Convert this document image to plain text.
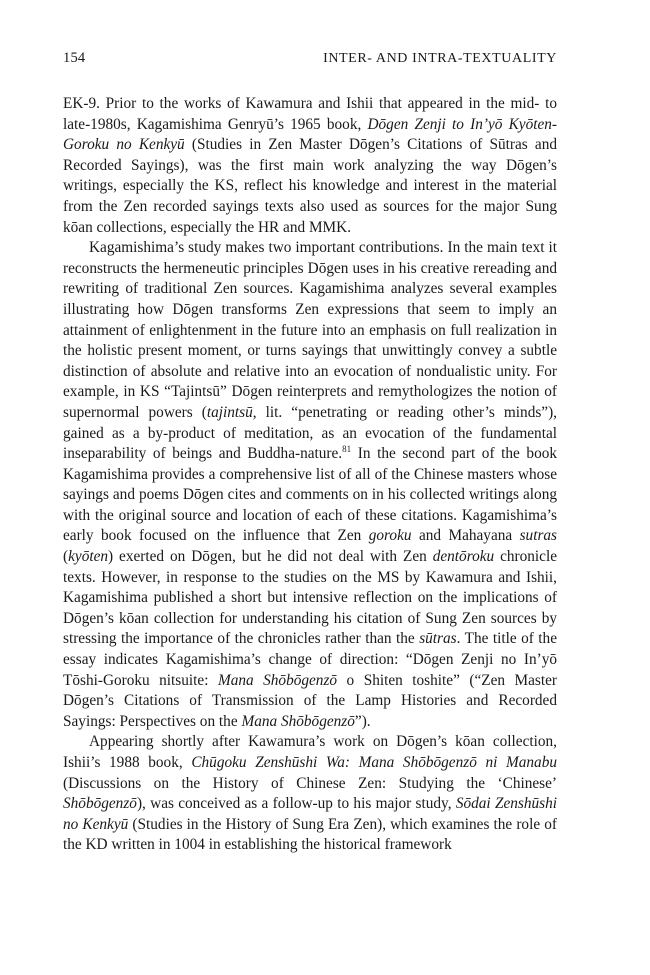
154	INTER- AND INTRA-TEXTUALITY

EK-9. Prior to the works of Kawamura and Ishii that appeared in the mid- to late-1980s, Kagamishima Genryū’s 1965 book, Dōgen Zenji to In’yō Kyōten-Goroku no Kenkyū (Studies in Zen Master Dōgen’s Citations of Sūtras and Recorded Sayings), was the first main work analyzing the way Dōgen’s writings, especially the KS, reflect his knowledge and interest in the material from the Zen recorded sayings texts also used as sources for the major Sung kōan collections, especially the HR and MMK.

Kagamishima’s study makes two important contributions. In the main text it reconstructs the hermeneutic principles Dōgen uses in his creative rereading and rewriting of traditional Zen sources. Kagamishima analyzes several examples illustrating how Dōgen transforms Zen expressions that seem to imply an attainment of enlightenment in the future into an emphasis on full realization in the holistic present moment, or turns sayings that unwittingly convey a subtle distinction of absolute and relative into an evocation of nondualistic unity. For example, in KS “Tajintsū” Dōgen reinterprets and remythologizes the notion of supernormal powers (tajintsū, lit. “penetrating or reading other’s minds”), gained as a by-product of meditation, as an evocation of the fundamental inseparability of beings and Buddha-nature.$^{81}$ In the second part of the book Kagamishima provides a comprehensive list of all of the Chinese masters whose sayings and poems Dōgen cites and comments on in his collected writings along with the original source and location of each of these citations. Kagamishima’s early book focused on the influence that Zen goroku and Mahayana sutras (kyōten) exerted on Dōgen, but he did not deal with Zen dentōroku chronicle texts. However, in response to the studies on the MS by Kawamura and Ishii, Kagamishima published a short but intensive reflection on the implications of Dōgen’s kōan collection for understanding his citation of Sung Zen sources by stressing the importance of the chronicles rather than the sūtras. The title of the essay indicates Kagamishima’s change of direction: “Dōgen Zenji no In’yō Tōshi-Goroku nitsuite: Mana Shōbōgenzō o Shiten toshite” (“Zen Master Dōgen’s Citations of Transmission of the Lamp Histories and Recorded Sayings: Perspectives on the Mana Shōbōgenzō”).

Appearing shortly after Kawamura’s work on Dōgen’s kōan collection, Ishii’s 1988 book, Chūgoku Zenshūshi Wa: Mana Shōbōgenzō ni Manabu (Discussions on the History of Chinese Zen: Studying the ‘Chinese’ Shōbōgenzō), was conceived as a follow-up to his major study, Sōdai Zenshūshi no Kenkyū (Studies in the History of Sung Era Zen), which examines the role of the KD written in 1004 in establishing the historical framework
